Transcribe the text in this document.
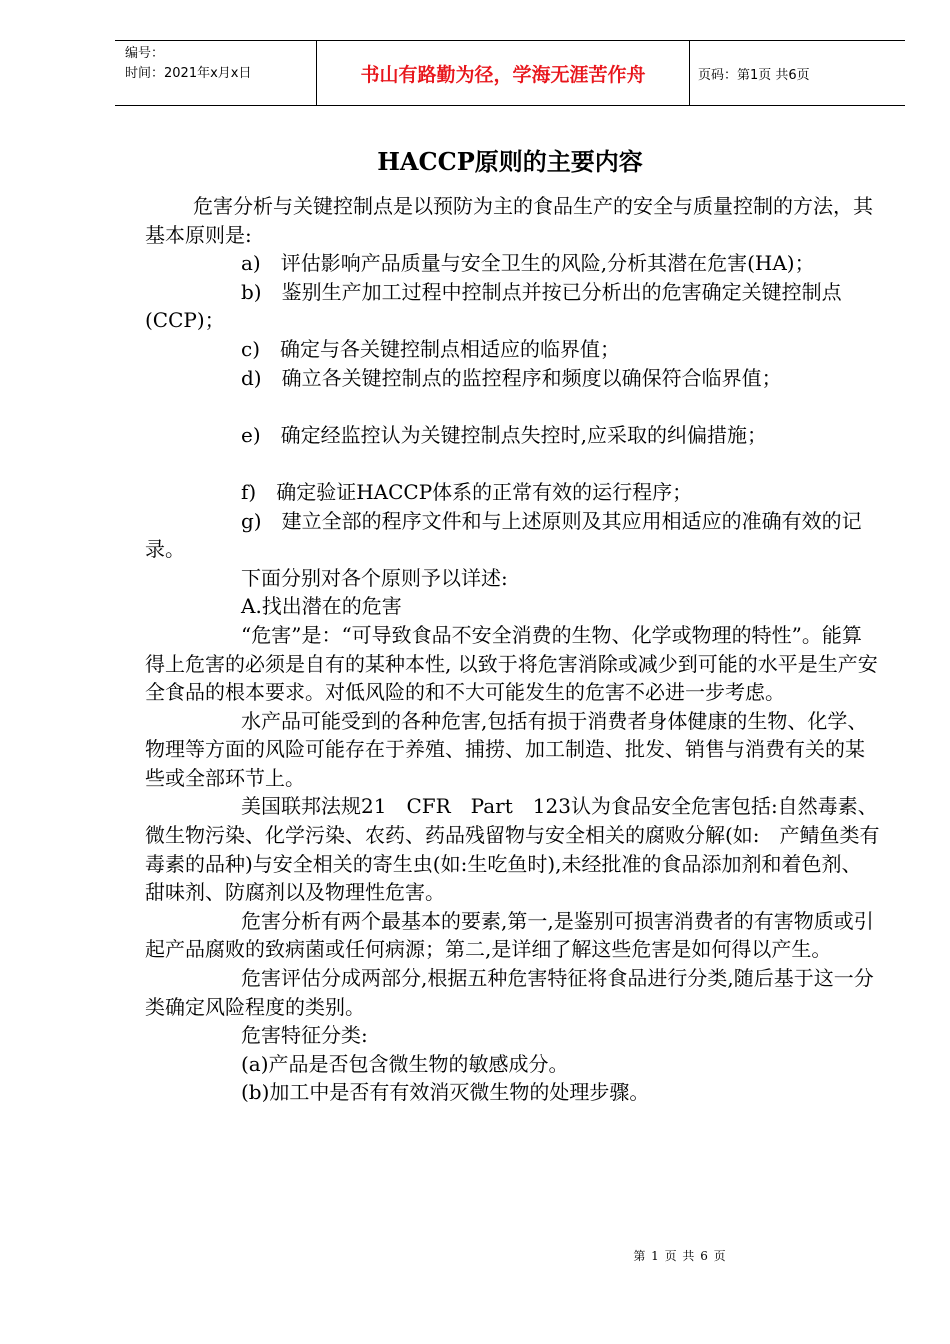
编号：
时间：2021年x月x日	书山有路勤为径，学海无涯苦作舟	页码：第1页 共6页
HACCP原则的主要内容

危害分析与关键控制点是以预防为主的食品生产的安全与质量控制的方法，其基本原则是:

a)　评估影响产品质量与安全卫生的风险,分析其潜在危害(HA)；

b)　鉴别生产加工过程中控制点并按已分析出的危害确定关键控制点(CCP)；

c)　确定与各关键控制点相适应的临界值；

d)　确立各关键控制点的监控程序和频度以确保符合临界值；

e)　确定经监控认为关键控制点失控时,应采取的纠偏措施；

f)　确定验证HACCP体系的正常有效的运行程序；

g)　建立全部的程序文件和与上述原则及其应用相适应的准确有效的记录。

下面分别对各个原则予以详述:

A.找出潜在的危害

“危害”是：“可导致食品不安全消费的生物、化学或物理的特性”。能算得上危害的必须是自有的某种本性, 以致于将危害消除或减少到可能的水平是生产安全食品的根本要求。对低风险的和不大可能发生的危害不必进一步考虑。

水产品可能受到的各种危害,包括有损于消费者身体健康的生物、化学、 物理等方面的风险可能存在于养殖、捕捞、加工制造、批发、销售与消费有关的某些或全部环节上。

美国联邦法规21　CFR　Part　123认为食品安全危害包括:自然毒素、微生物污染、化学污染、农药、药品残留物与安全相关的腐败分解(如:　产鲭鱼类有毒素的品种)与安全相关的寄生虫(如:生吃鱼时),未经批准的食品添加剂和着色剂、甜味剂、防腐剂以及物理性危害。

危害分析有两个最基本的要素,第一,是鉴别可损害消费者的有害物质或引起产品腐败的致病菌或任何病源；第二,是详细了解这些危害是如何得以产生。

危害评估分成两部分,根据五种危害特征将食品进行分类,随后基于这一分类确定风险程度的类别。

危害特征分类:

(a)产品是否包含微生物的敏感成分。

(b)加工中是否有有效消灭微生物的处理步骤。

第 1 页 共 6 页
